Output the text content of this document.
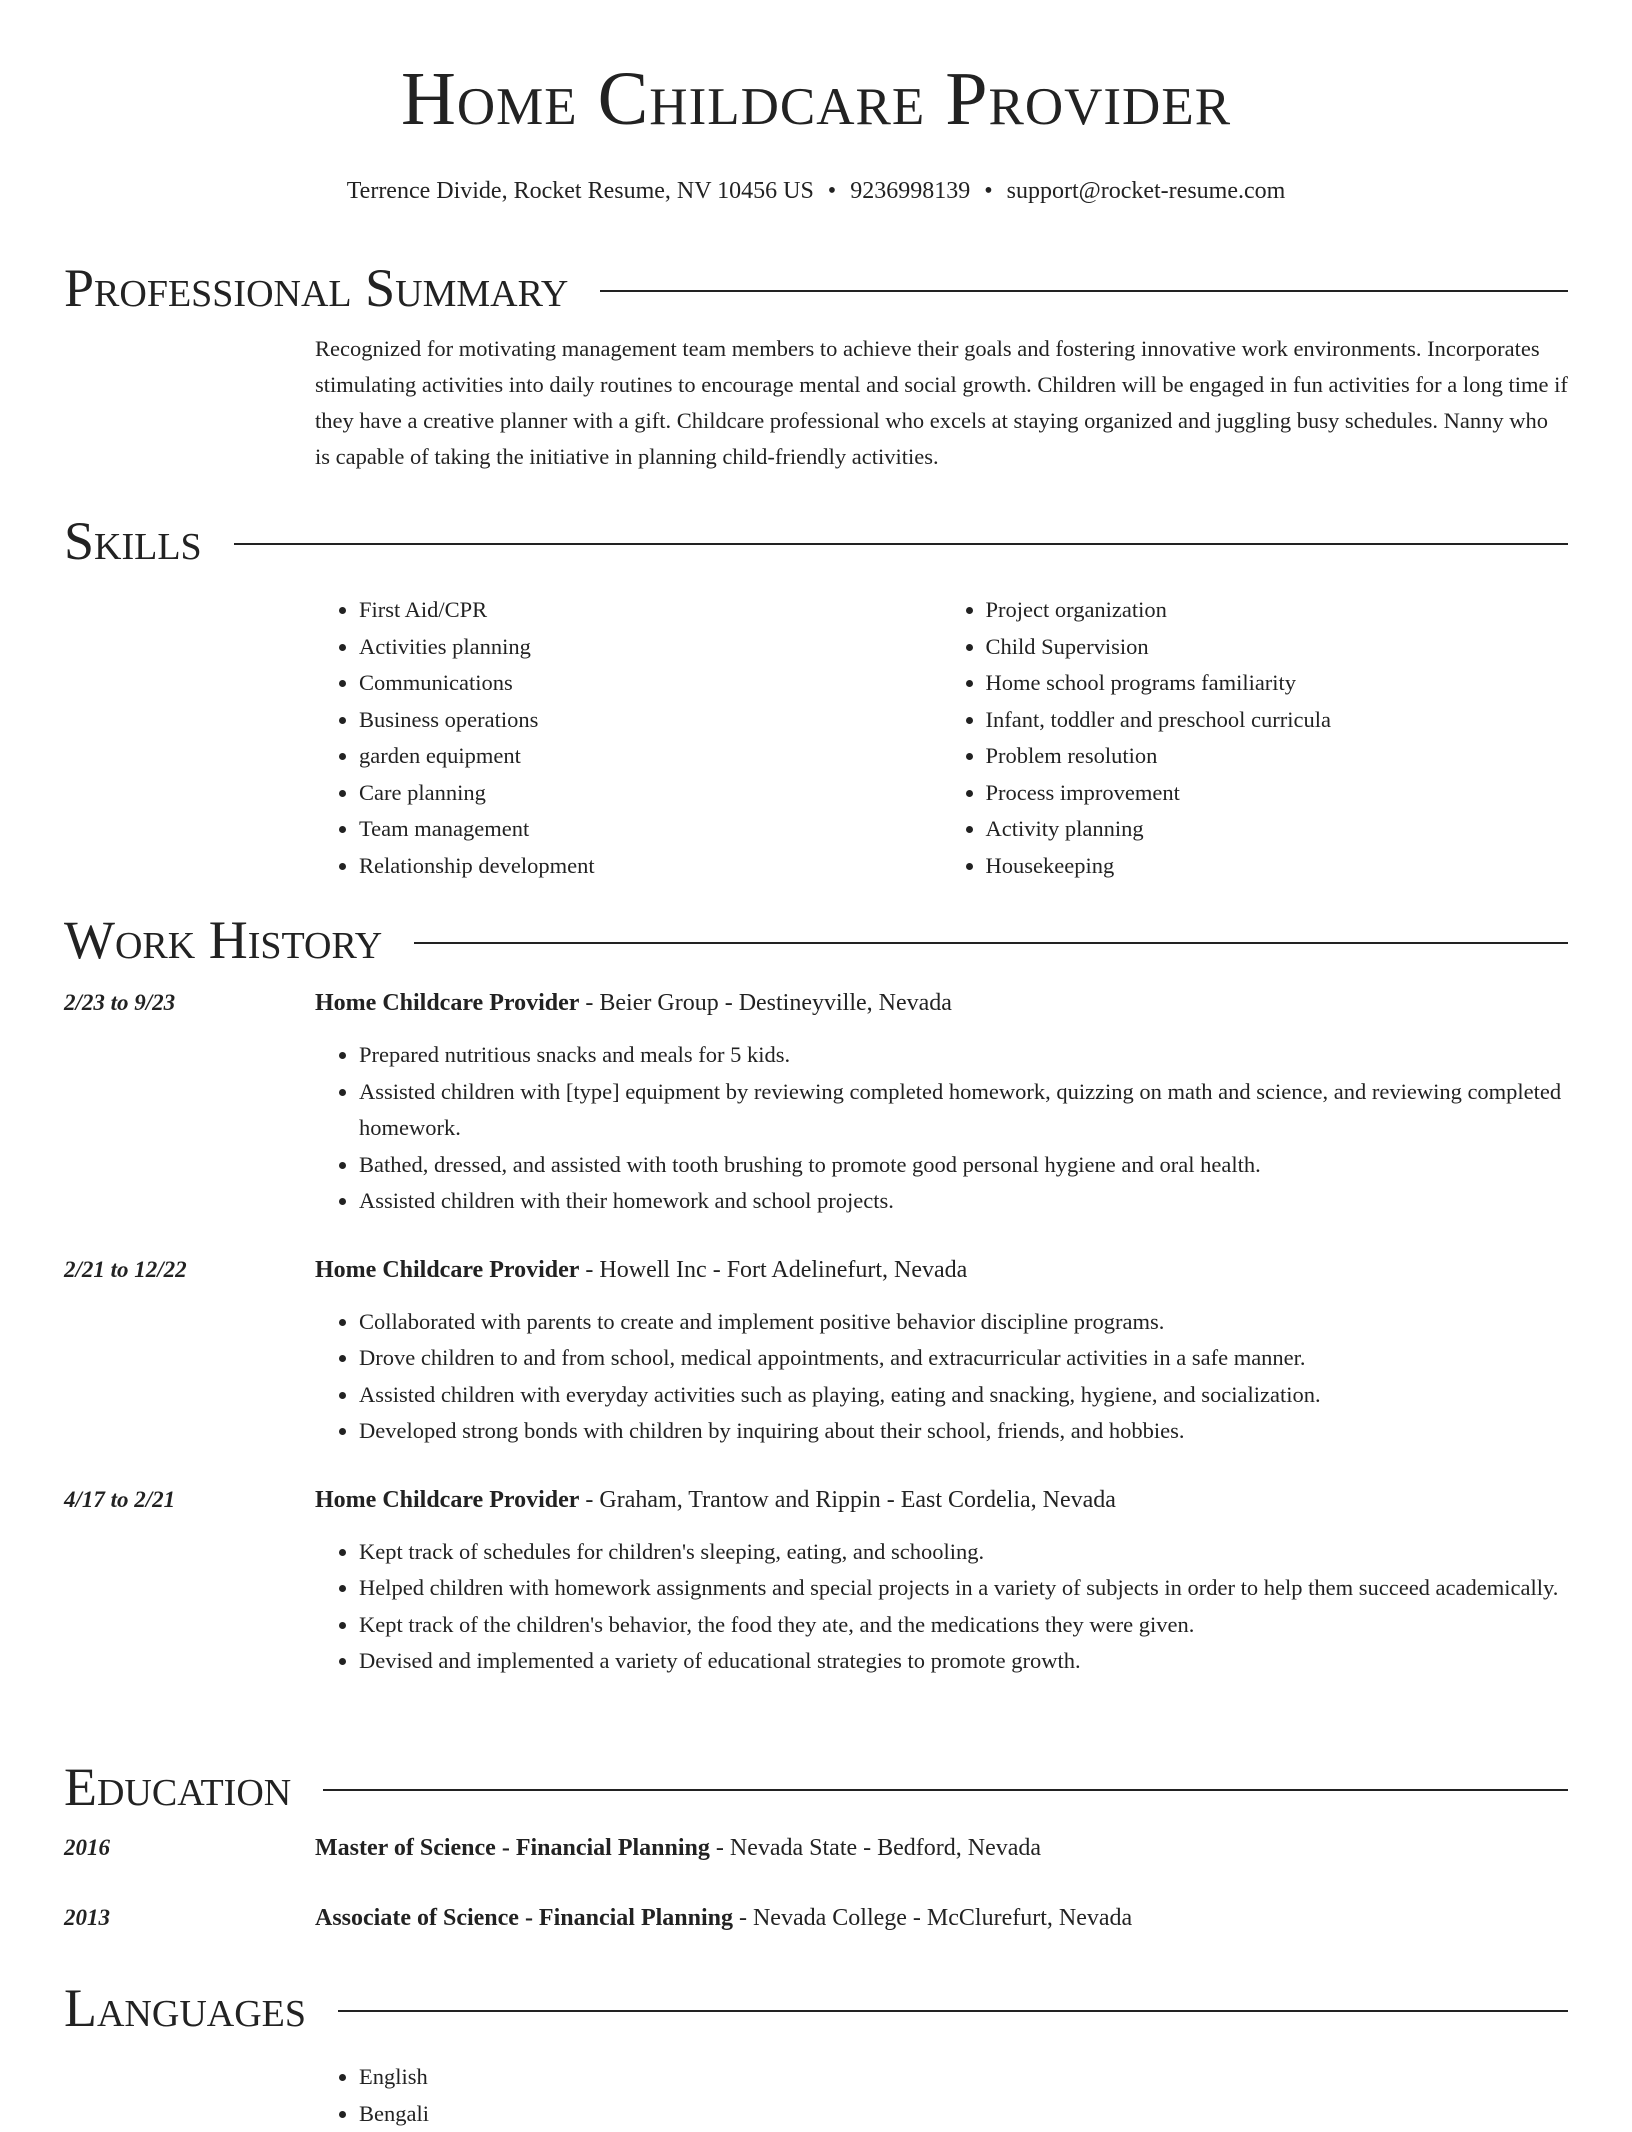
Home Childcare Provider
Terrence Divide, Rocket Resume, NV 10456 US • 9236998139 • support@rocket-resume.com
Professional Summary
Recognized for motivating management team members to achieve their goals and fostering innovative work environments. Incorporates stimulating activities into daily routines to encourage mental and social growth. Children will be engaged in fun activities for a long time if they have a creative planner with a gift. Childcare professional who excels at staying organized and juggling busy schedules. Nanny who is capable of taking the initiative in planning child-friendly activities.
Skills
• First Aid/CPR
• Activities planning
• Communications
• Business operations
• garden equipment
• Care planning
• Team management
• Relationship development
• Project organization
• Child Supervision
• Home school programs familiarity
• Infant, toddler and preschool curricula
• Problem resolution
• Process improvement
• Activity planning
• Housekeeping
Work History
2/23 to 9/23	Home Childcare Provider - Beier Group - Destineyville, Nevada
• Prepared nutritious snacks and meals for 5 kids.
• Assisted children with [type] equipment by reviewing completed homework, quizzing on math and science, and reviewing completed homework.
• Bathed, dressed, and assisted with tooth brushing to promote good personal hygiene and oral health.
• Assisted children with their homework and school projects.
2/21 to 12/22	Home Childcare Provider - Howell Inc - Fort Adelinefurt, Nevada
• Collaborated with parents to create and implement positive behavior discipline programs.
• Drove children to and from school, medical appointments, and extracurricular activities in a safe manner.
• Assisted children with everyday activities such as playing, eating and snacking, hygiene, and socialization.
• Developed strong bonds with children by inquiring about their school, friends, and hobbies.
4/17 to 2/21	Home Childcare Provider - Graham, Trantow and Rippin - East Cordelia, Nevada
• Kept track of schedules for children's sleeping, eating, and schooling.
• Helped children with homework assignments and special projects in a variety of subjects in order to help them succeed academically.
• Kept track of the children's behavior, the food they ate, and the medications they were given.
• Devised and implemented a variety of educational strategies to promote growth.
Education
2016	Master of Science - Financial Planning - Nevada State - Bedford, Nevada
2013	Associate of Science - Financial Planning - Nevada College - McClurefurt, Nevada
Languages
• English
• Bengali
